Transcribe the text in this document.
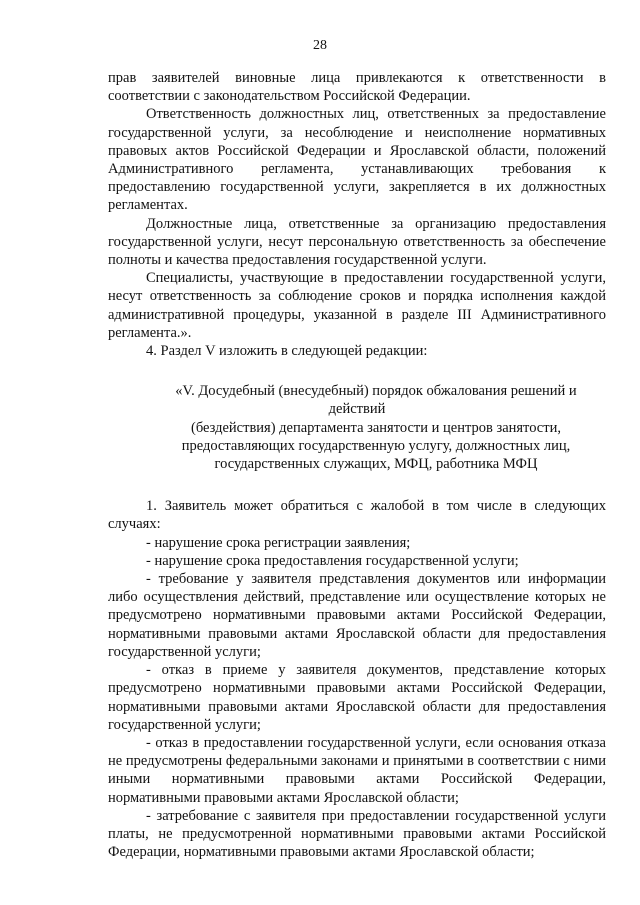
28

прав заявителей виновные лица привлекаются к ответственности в соответствии с законодательством Российской Федерации.

Ответственность должностных лиц, ответственных за предоставление государственной услуги, за несоблюдение и неисполнение нормативных правовых актов Российской Федерации и Ярославской области, положений Административного регламента, устанавливающих требования к предоставлению государственной услуги, закрепляется в их должностных регламентах.

Должностные лица, ответственные за организацию предоставления государственной услуги, несут персональную ответственность за обеспечение полноты и качества предоставления государственной услуги.

Специалисты, участвующие в предоставлении государственной услуги, несут ответственность за соблюдение сроков и порядка исполнения каждой административной процедуры, указанной в разделе III Административного регламента.».

4. Раздел V изложить в следующей редакции:

«V. Досудебный (внесудебный) порядок обжалования решений и действий
(бездействия) департамента занятости и центров занятости,
предоставляющих государственную услугу, должностных лиц,
государственных служащих, МФЦ, работника МФЦ

1. Заявитель может обратиться с жалобой в том числе в следующих случаях:

- нарушение срока регистрации заявления;

- нарушение срока предоставления государственной услуги;

- требование у заявителя представления документов или информации либо осуществления действий, представление или осуществление которых не предусмотрено нормативными правовыми актами Российской Федерации, нормативными правовыми актами Ярославской области для предоставления государственной услуги;

- отказ в приеме у заявителя документов, представление которых предусмотрено нормативными правовыми актами Российской Федерации, нормативными правовыми актами Ярославской области для предоставления государственной услуги;

- отказ в предоставлении государственной услуги, если основания отказа не предусмотрены федеральными законами и принятыми в соответствии с ними иными нормативными правовыми актами Российской Федерации, нормативными правовыми актами Ярославской области;

- затребование с заявителя при предоставлении государственной услуги платы, не предусмотренной нормативными правовыми актами Российской Федерации, нормативными правовыми актами Ярославской области;
